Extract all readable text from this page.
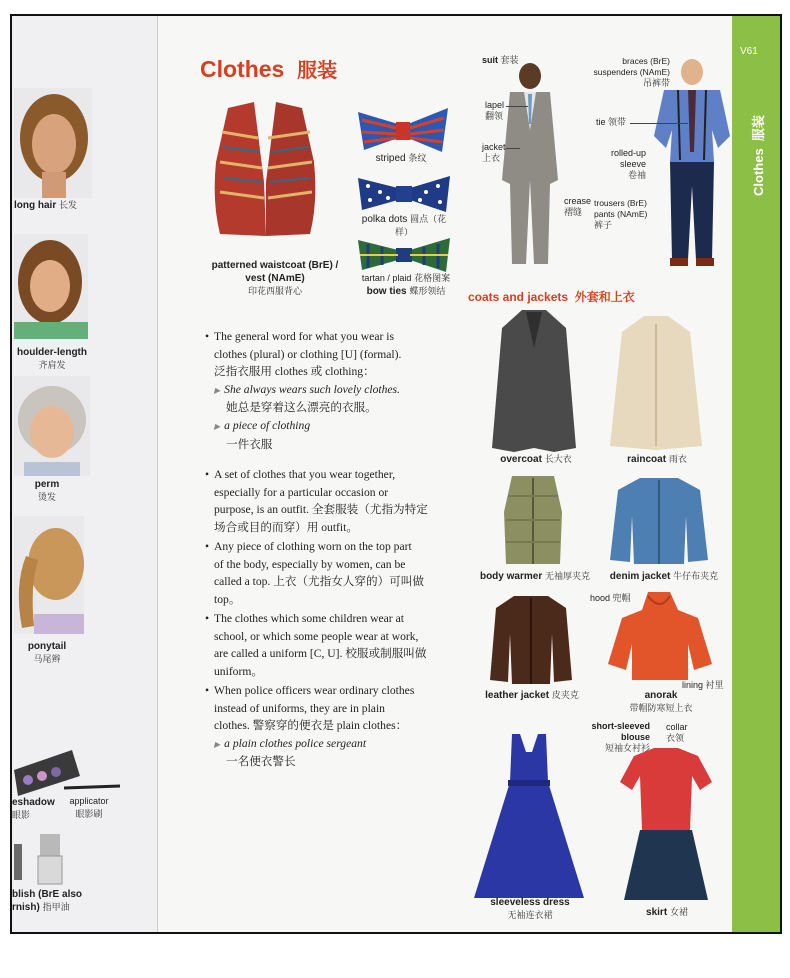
long hair 长发
houlder-length
齐肩发
perm
烫发
ponytail
马尾辫
eshadow
眼影
applicator
眼影刷
blish (BrE also
rnish) 指甲油
Clothes 服装
patterned waistcoat (BrE) /
vest (NAmE)
印花西服背心
striped 条纹
polka dots 圆点（花样）
tartan / plaid 花格图案
bow ties 蝶形领结
suit 套装
lapel
翻领
jacket
上衣
crease
褶缝
braces (BrE)
suspenders (NAmE)
吊裤带
tie 领带
rolled-up
sleeve
卷袖
trousers (BrE)
pants (NAmE)
裤子
coats and jackets 外套和上衣
overcoat 长大衣	raincoat 雨衣
body warmer 无袖厚夹克	denim jacket 牛仔布夹克
leather jacket 皮夹克
hood 兜帽
lining 衬里
anorak
带帽防寒短上衣
sleeveless dress
无袖连衣裙
short-sleeved
blouse
短袖女衬衫
collar
衣领
skirt 女裙
• The general word for what you wear is
clothes (plural) or clothing [U] (formal).
泛指衣服用 clothes 或 clothing：
▶ She always wears such lovely clothes.
她总是穿着这么漂亮的衣服。
▶ a piece of clothing
一件衣服
• A set of clothes that you wear together,
especially for a particular occasion or
purpose, is an outfit. 全套服装（尤指为特定
场合或目的而穿）用 outfit。
• Any piece of clothing worn on the top part
of the body, especially by women, can be
called a top. 上衣（尤指女人穿的）可叫做
top。
• The clothes which some children wear at
school, or which some people wear at work,
are called a uniform [C, U]. 校服或制服叫做
uniform。
• When police officers wear ordinary clothes
instead of uniforms, they are in plain
clothes. 警察穿的便衣是 plain clothes：
▶ a plain clothes police sergeant
一名便衣警长
V61
Clothes  服装
